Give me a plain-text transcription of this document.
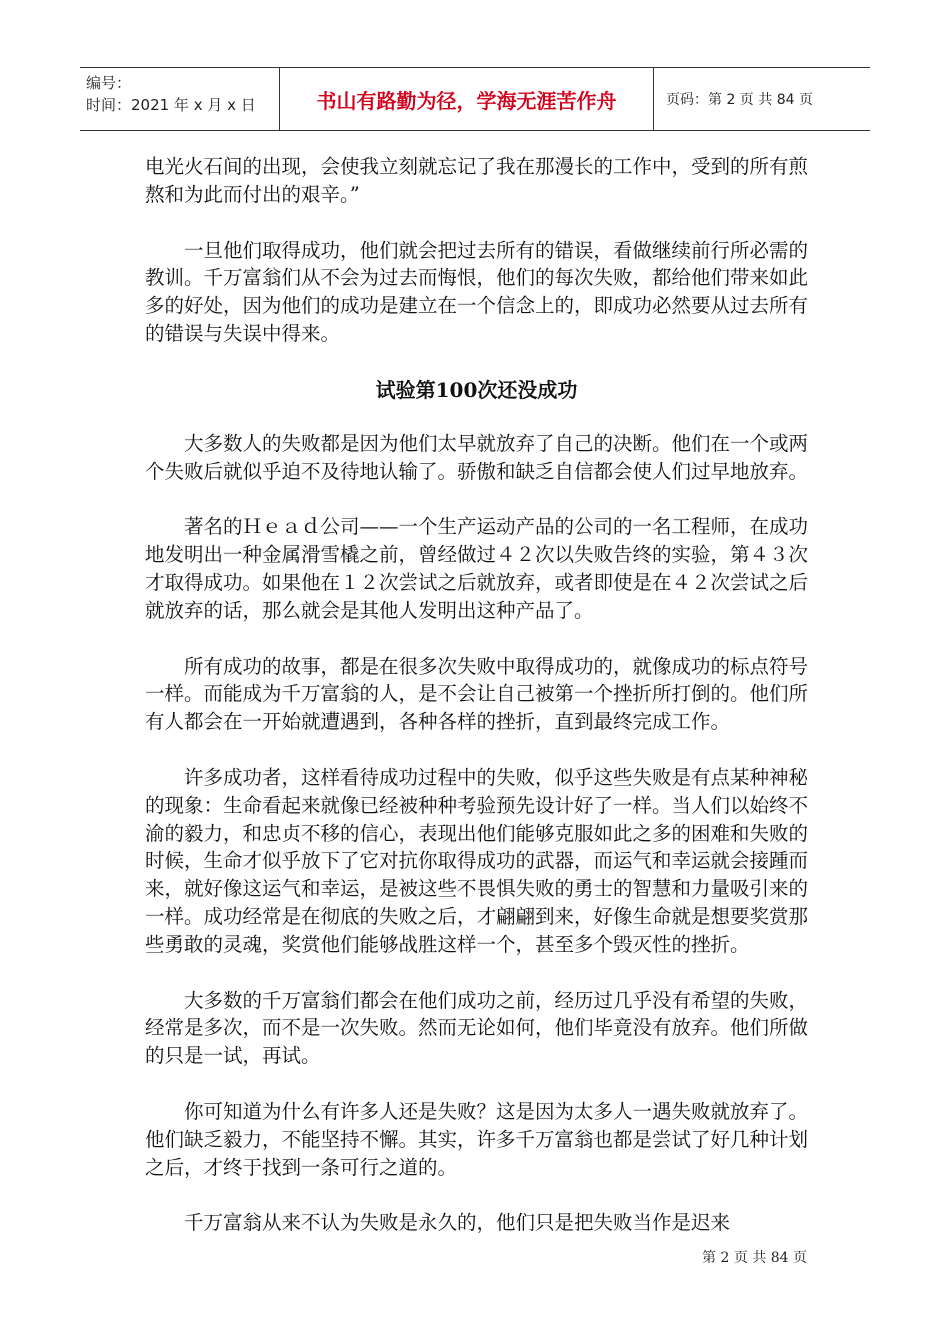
编号：
时间：2021 年 x 月 x 日	书山有路勤为径，学海无涯苦作舟	页码：第 2 页 共 84 页

电光火石间的出现，会使我立刻就忘记了我在那漫长的工作中，受到的所有煎熬和为此而付出的艰辛。”

一旦他们取得成功，他们就会把过去所有的错误，看做继续前行所必需的教训。千万富翁们从不会为过去而悔恨，他们的每次失败，都给他们带来如此多的好处，因为他们的成功是建立在一个信念上的，即成功必然要从过去所有的错误与失误中得来。

试验第100次还没成功

大多数人的失败都是因为他们太早就放弃了自己的决断。他们在一个或两个失败后就似乎迫不及待地认输了。骄傲和缺乏自信都会使人们过早地放弃。

著名的Ｈｅａｄ公司——一个生产运动产品的公司的一名工程师，在成功地发明出一种金属滑雪橇之前，曾经做过４２次以失败告终的实验，第４３次才取得成功。如果他在１２次尝试之后就放弃，或者即使是在４２次尝试之后就放弃的话，那么就会是其他人发明出这种产品了。

所有成功的故事，都是在很多次失败中取得成功的，就像成功的标点符号一样。而能成为千万富翁的人，是不会让自己被第一个挫折所打倒的。他们所有人都会在一开始就遭遇到，各种各样的挫折，直到最终完成工作。

许多成功者，这样看待成功过程中的失败，似乎这些失败是有点某种神秘的现象：生命看起来就像已经被种种考验预先设计好了一样。当人们以始终不渝的毅力，和忠贞不移的信心，表现出他们能够克服如此之多的困难和失败的时候，生命才似乎放下了它对抗你取得成功的武器，而运气和幸运就会接踵而来，就好像这运气和幸运，是被这些不畏惧失败的勇士的智慧和力量吸引来的一样。成功经常是在彻底的失败之后，才翩翩到来，好像生命就是想要奖赏那些勇敢的灵魂，奖赏他们能够战胜这样一个，甚至多个毁灭性的挫折。

大多数的千万富翁们都会在他们成功之前，经历过几乎没有希望的失败，经常是多次，而不是一次失败。然而无论如何，他们毕竟没有放弃。他们所做的只是一试，再试。

你可知道为什么有许多人还是失败？这是因为太多人一遇失败就放弃了。他们缺乏毅力，不能坚持不懈。其实，许多千万富翁也都是尝试了好几种计划之后，才终于找到一条可行之道的。

千万富翁从来不认为失败是永久的，他们只是把失败当作是迟来

第 2 页 共 84 页
